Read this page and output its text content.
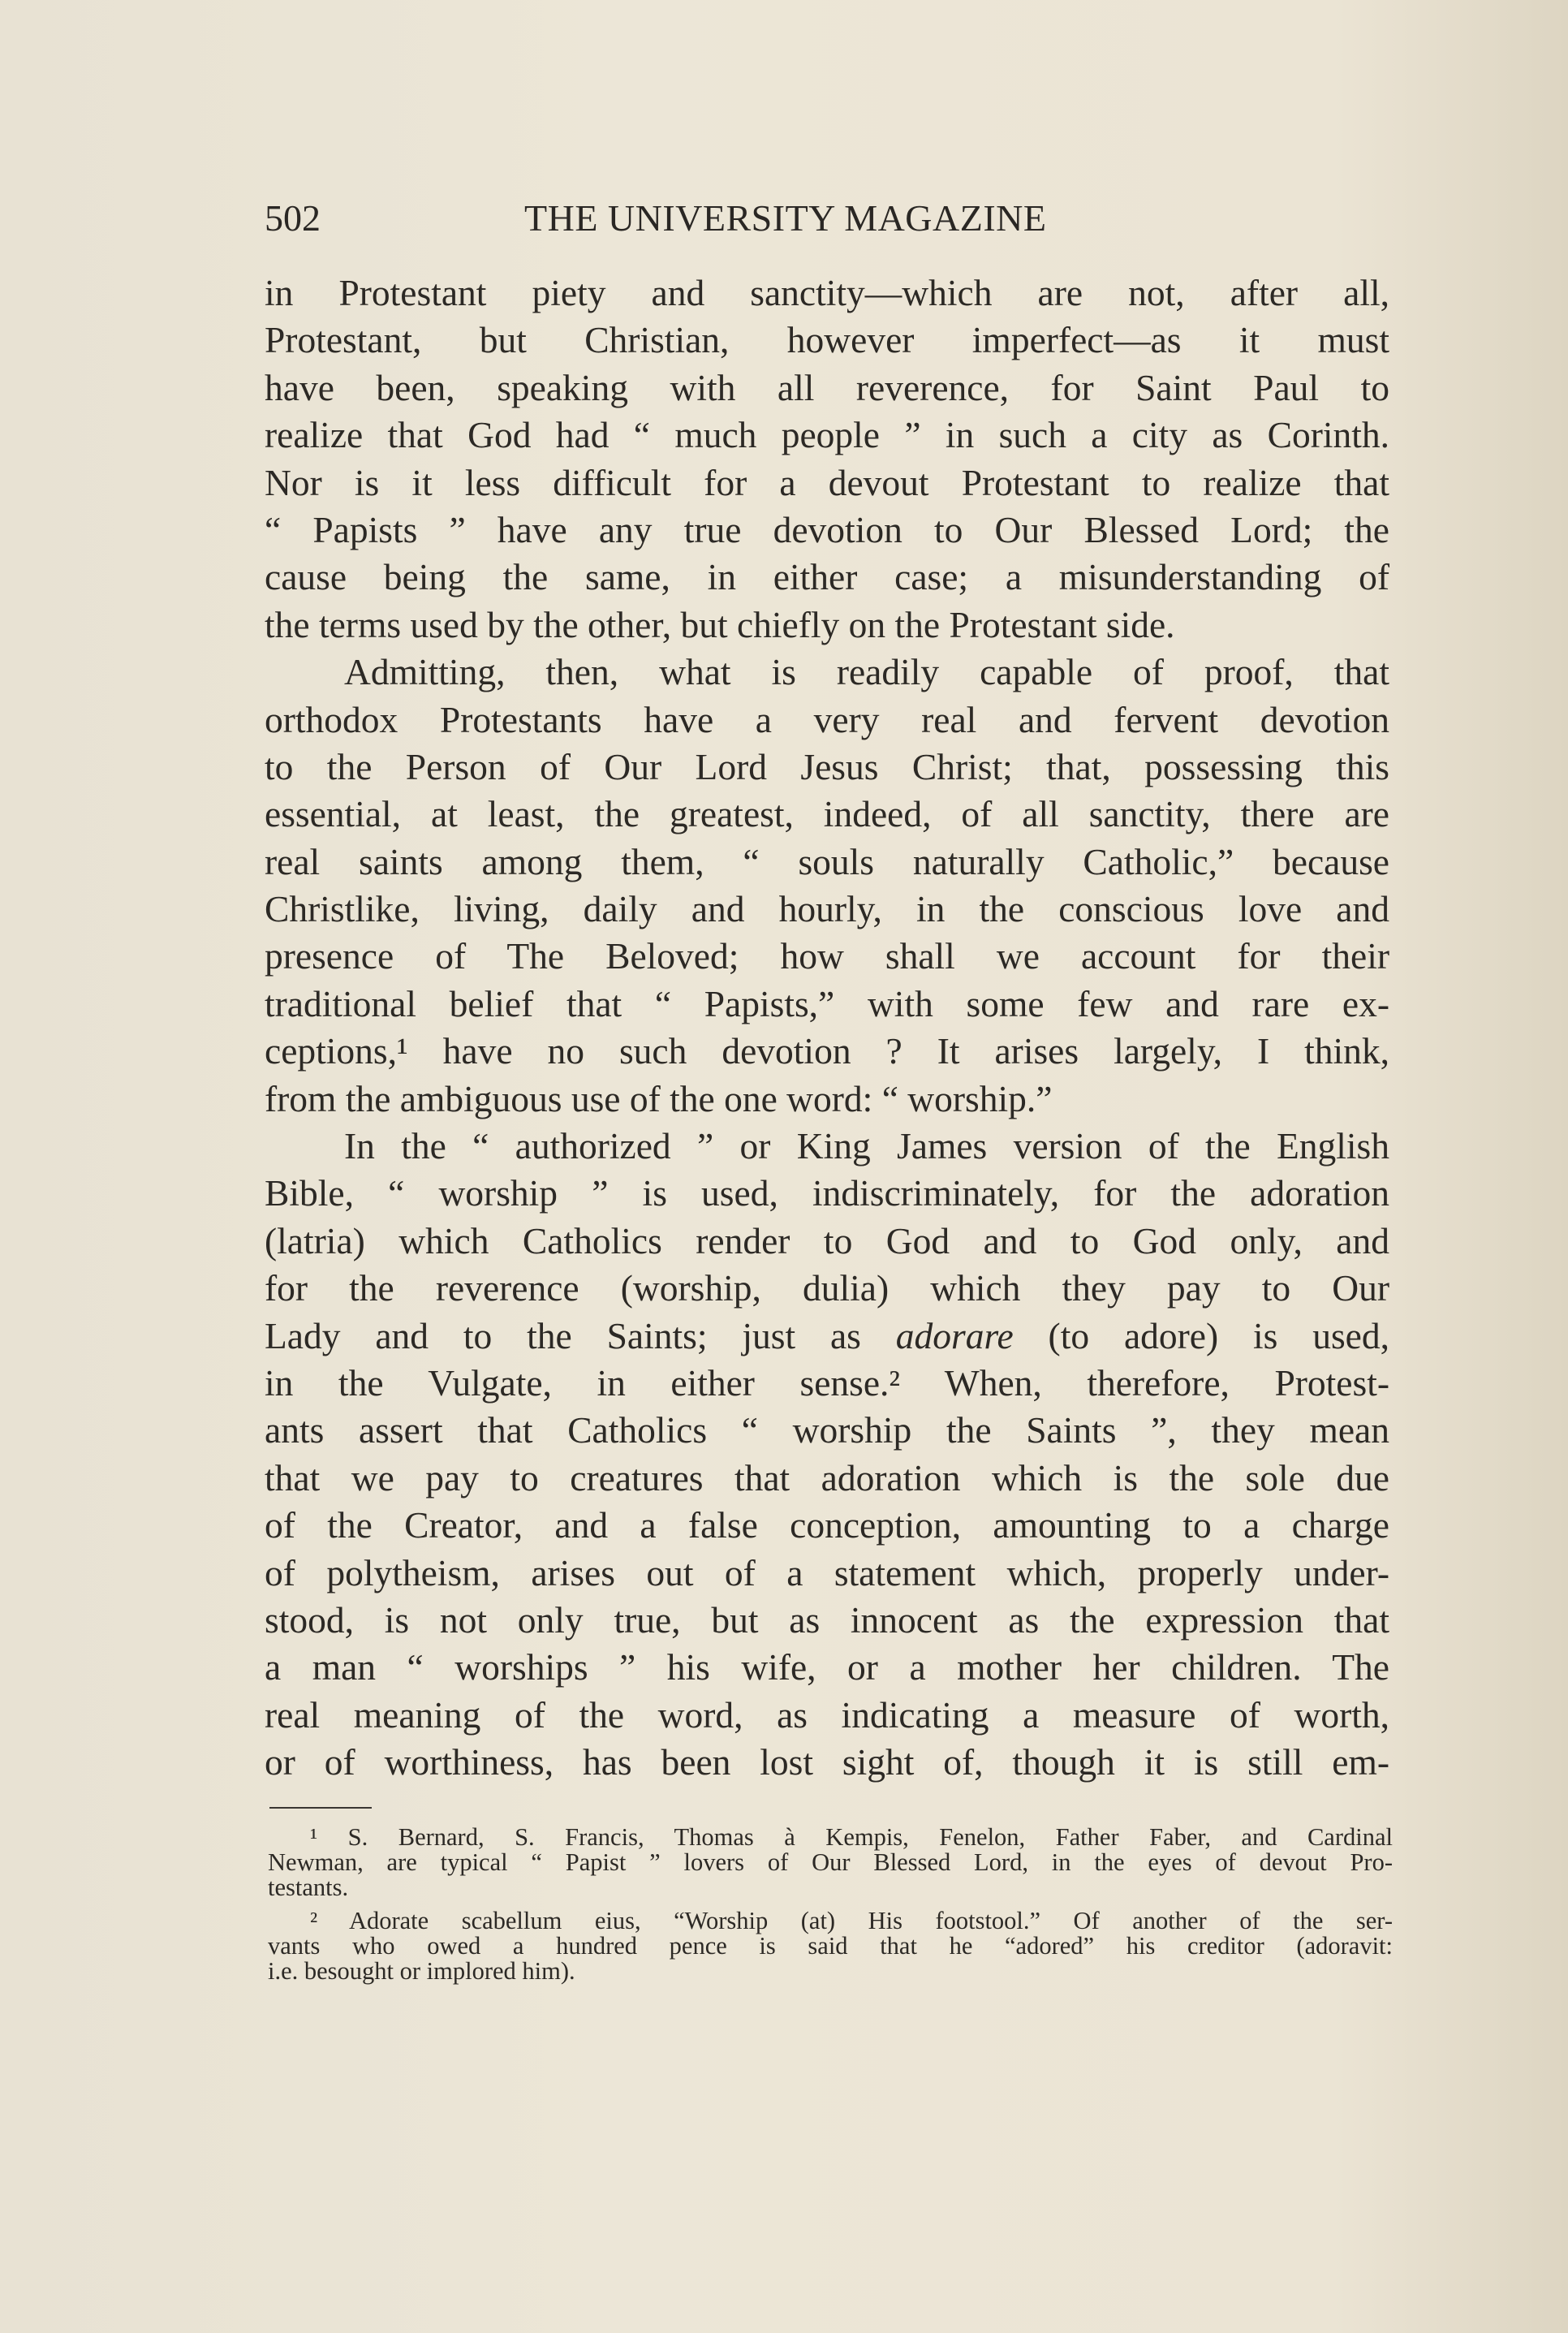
502	THE UNIVERSITY MAGAZINE
in Protestant piety and sanctity—which are not, after all,
Protestant, but Christian, however imperfect—as it must
have been, speaking with all reverence, for Saint Paul to
realize that God had “ much people ” in such a city as Corinth.
Nor is it less difficult for a devout Protestant to realize that
“ Papists ” have any true devotion to Our Blessed Lord; the
cause being the same, in either case; a misunderstanding of
the terms used by the other, but chiefly on the Protestant side.
Admitting, then, what is readily capable of proof, that
orthodox Protestants have a very real and fervent devotion
to the Person of Our Lord Jesus Christ; that, possessing this
essential, at least, the greatest, indeed, of all sanctity, there are
real saints among them, “ souls naturally Catholic,” because
Christlike, living, daily and hourly, in the conscious love and
presence of The Beloved; how shall we account for their
traditional belief that “ Papists,” with some few and rare ex-
ceptions,¹ have no such devotion ? It arises largely, I think,
from the ambiguous use of the one word: “ worship.”
In the “ authorized ” or King James version of the English
Bible, “ worship ” is used, indiscriminately, for the adoration
(latria) which Catholics render to God and to God only, and
for the reverence (worship, dulia) which they pay to Our
Lady and to the Saints; just as adorare (to adore) is used,
in the Vulgate, in either sense.² When, therefore, Protest-
ants assert that Catholics “ worship the Saints ”, they mean
that we pay to creatures that adoration which is the sole due
of the Creator, and a false conception, amounting to a charge
of polytheism, arises out of a statement which, properly under-
stood, is not only true, but as innocent as the expression that
a man “ worships ” his wife, or a mother her children. The
real meaning of the word, as indicating a measure of worth,
or of worthiness, has been lost sight of, though it is still em-
¹ S. Bernard, S. Francis, Thomas à Kempis, Fenelon, Father Faber, and Cardinal
Newman, are typical “ Papist ” lovers of Our Blessed Lord, in the eyes of devout Pro-
testants.
² Adorate scabellum eius, “Worship (at) His footstool.” Of another of the ser-
vants who owed a hundred pence is said that he “adored” his creditor (adoravit:
i.e. besought or implored him).
